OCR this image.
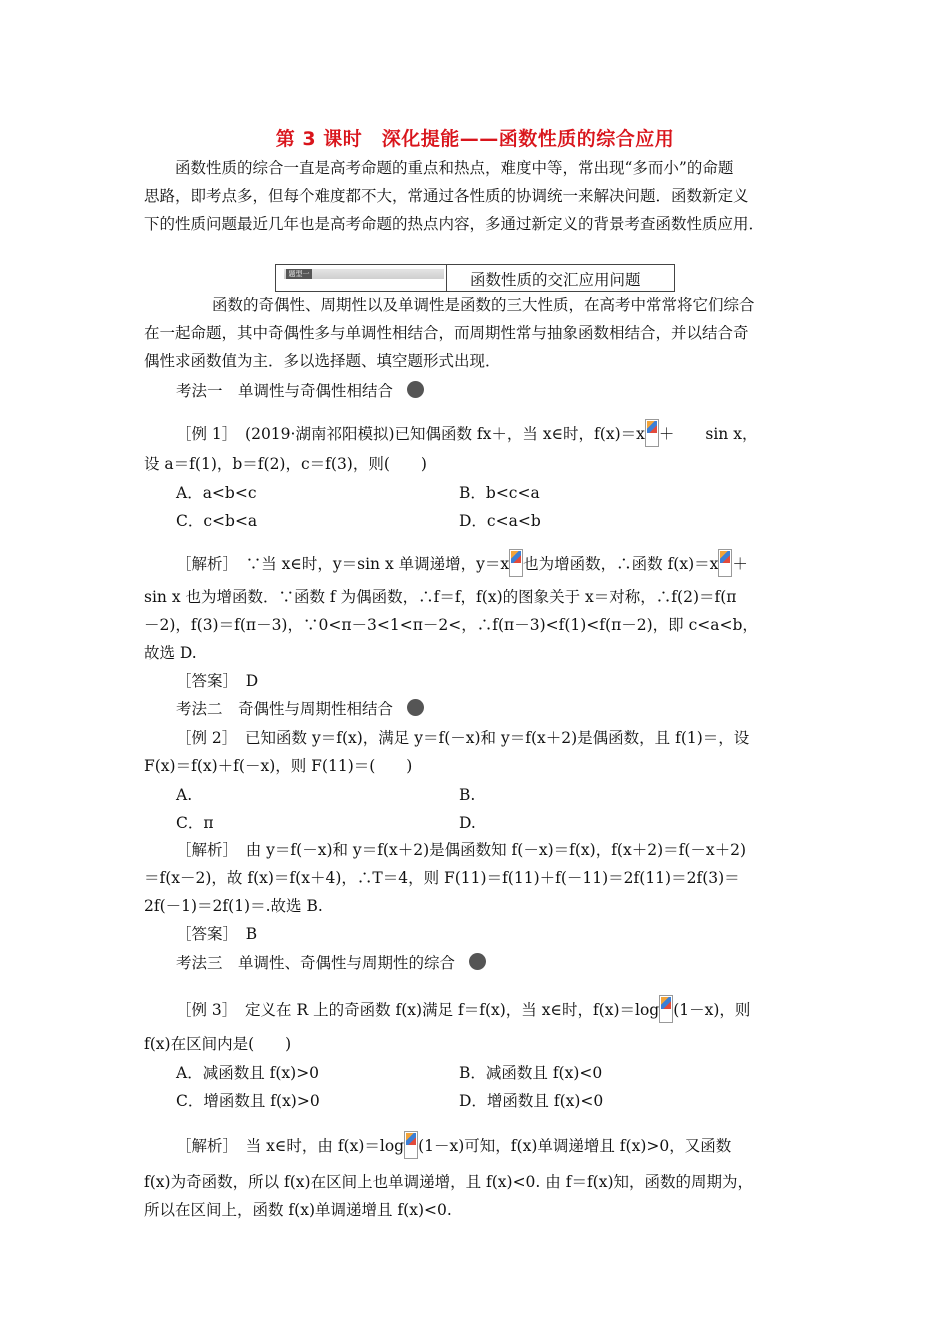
第 3 课时　深化提能——函数性质的综合应用
　　函数性质的综合一直是高考命题的重点和热点，难度中等，常出现“多而小”的命题
思路，即考点多，但每个难度都不大，常通过各性质的协调统一来解决问题．函数新定义
下的性质问题最近几年也是高考命题的热点内容，多通过新定义的背景考查函数性质应用．
题型一	函数性质的交汇应用问题
函数的奇偶性、周期性以及单调性是函数的三大性质，在高考中常常将它们综合
在一起命题，其中奇偶性多与单调性相结合，而周期性常与抽象函数相结合，并以结合奇
偶性求函数值为主．多以选择题、填空题形式出现．
考法一　单调性与奇偶性相结合
［例 1］　(2019·湖南祁阳模拟)已知偶函数 fx＋，当 x∈时，f(x)＝x ＋　　sin x，
设 a＝f(1)，b＝f(2)，c＝f(3)，则(　　)
A．a<b<c	B．b<c<a
C．c<b<a	D．c<a<b
［解析］　∵当 x∈时，y＝sin x 单调递增，y＝x 也为增函数，∴函数 f(x)＝x ＋
sin x 也为增函数．∵函数 f 为偶函数，∴f＝f，f(x)的图象关于 x＝对称，∴f(2)＝f(π
－2)，f(3)＝f(π－3)，∵0<π－3<1<π－2<，∴f(π－3)<f(1)<f(π－2)，即 c<a<b，
故选 D.
［答案］　D
考法二　奇偶性与周期性相结合
［例 2］　已知函数 y＝f(x)，满足 y＝f(－x)和 y＝f(x＋2)是偶函数，且 f(1)＝，设
F(x)＝f(x)＋f(－x)，则 F(11)＝(　　)
A.	B.
C．π	D.
［解析］　由 y＝f(－x)和 y＝f(x＋2)是偶函数知 f(－x)＝f(x)，f(x＋2)＝f(－x＋2)
＝f(x－2)，故 f(x)＝f(x＋4)，∴T＝4，则 F(11)＝f(11)＋f(－11)＝2f(11)＝2f(3)＝
2f(－1)＝2f(1)＝.故选 B.
［答案］　B
考法三　单调性、奇偶性与周期性的综合
［例 3］　定义在 R 上的奇函数 f(x)满足 f＝f(x)，当 x∈时，f(x)＝log (1－x)，则
f(x)在区间内是(　　)
A．减函数且 f(x)>0	B．减函数且 f(x)<0
C．增函数且 f(x)>0	D．增函数且 f(x)<0
［解析］　当 x∈时，由 f(x)＝log (1－x)可知，f(x)单调递增且 f(x)>0，又函数
f(x)为奇函数，所以 f(x)在区间上也单调递增，且 f(x)<0. 由 f＝f(x)知，函数的周期为，
所以在区间上，函数 f(x)单调递增且 f(x)<0.
